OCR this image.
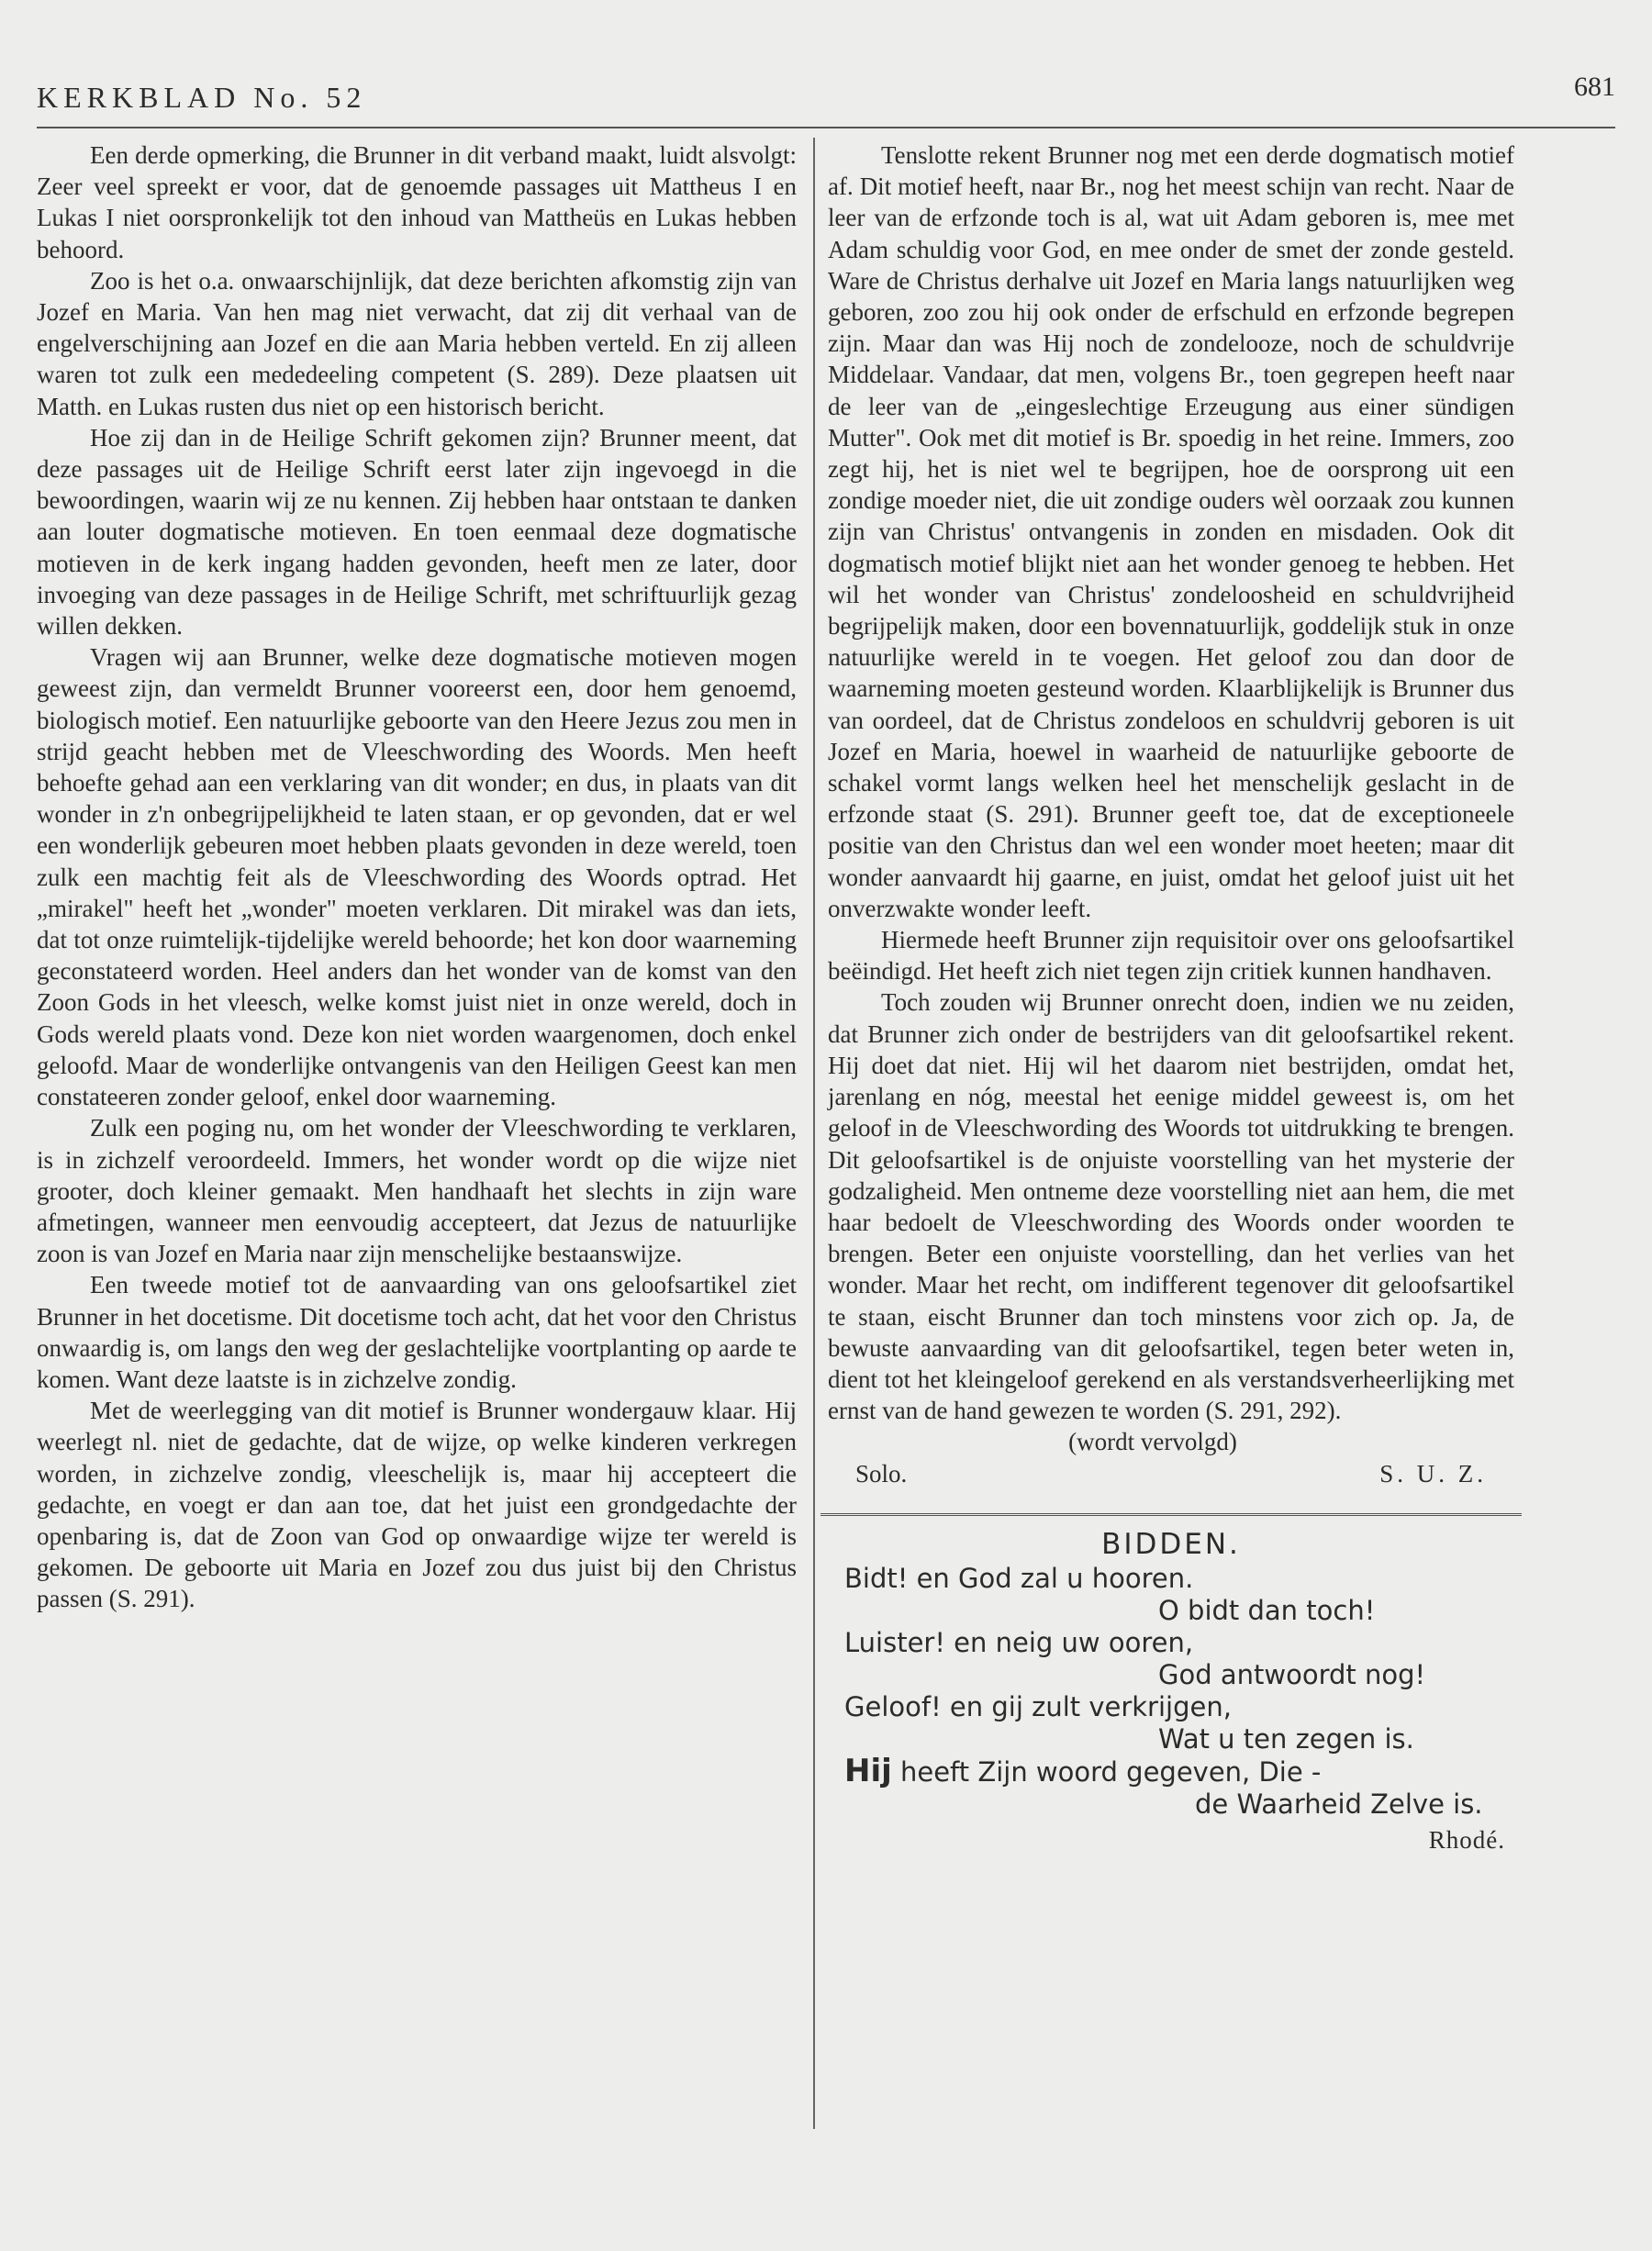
KERKBLAD No. 52	681

Een derde opmerking, die Brunner in dit verband maakt, luidt alsvolgt: Zeer veel spreekt er voor, dat de genoemde passages uit Mattheus I en Lukas I niet oorspronkelijk tot den inhoud van Mattheüs en Lukas hebben behoord.

Zoo is het o.a. onwaarschijnlijk, dat deze berichten afkomstig zijn van Jozef en Maria. Van hen mag niet verwacht, dat zij dit verhaal van de engelverschijning aan Jozef en die aan Maria hebben verteld. En zij alleen waren tot zulk een mededeeling competent (S. 289). Deze plaatsen uit Matth. en Lukas rusten dus niet op een historisch bericht.

Hoe zij dan in de Heilige Schrift gekomen zijn? Brunner meent, dat deze passages uit de Heilige Schrift eerst later zijn ingevoegd in die bewoordingen, waarin wij ze nu kennen. Zij hebben haar ontstaan te danken aan louter dogmatische motieven. En toen eenmaal deze dogmatische motieven in de kerk ingang hadden gevonden, heeft men ze later, door invoeging van deze passages in de Heilige Schrift, met schriftuurlijk gezag willen dekken.

Vragen wij aan Brunner, welke deze dogmatische motieven mogen geweest zijn, dan vermeldt Brunner vooreerst een, door hem genoemd, biologisch motief. Een natuurlijke geboorte van den Heere Jezus zou men in strijd geacht hebben met de Vleeschwording des Woords. Men heeft behoefte gehad aan een verklaring van dit wonder; en dus, in plaats van dit wonder in z'n onbegrijpelijkheid te laten staan, er op gevonden, dat er wel een wonderlijk gebeuren moet hebben plaats gevonden in deze wereld, toen zulk een machtig feit als de Vleeschwording des Woords optrad. Het „mirakel" heeft het „wonder" moeten verklaren. Dit mirakel was dan iets, dat tot onze ruimtelijk-tijdelijke wereld behoorde; het kon door waarneming geconstateerd worden. Heel anders dan het wonder van de komst van den Zoon Gods in het vleesch, welke komst juist niet in onze wereld, doch in Gods wereld plaats vond. Deze kon niet worden waargenomen, doch enkel geloofd. Maar de wonderlijke ontvangenis van den Heiligen Geest kan men constateeren zonder geloof, enkel door waarneming.

Zulk een poging nu, om het wonder der Vleeschwording te verklaren, is in zichzelf veroordeeld. Immers, het wonder wordt op die wijze niet grooter, doch kleiner gemaakt. Men handhaaft het slechts in zijn ware afmetingen, wanneer men eenvoudig accepteert, dat Jezus de natuurlijke zoon is van Jozef en Maria naar zijn menschelijke bestaanswijze.

Een tweede motief tot de aanvaarding van ons geloofsartikel ziet Brunner in het docetisme. Dit docetisme toch acht, dat het voor den Christus onwaardig is, om langs den weg der geslachtelijke voortplanting op aarde te komen. Want deze laatste is in zichzelve zondig.

Met de weerlegging van dit motief is Brunner wondergauw klaar. Hij weerlegt nl. niet de gedachte, dat de wijze, op welke kinderen verkregen worden, in zichzelve zondig, vleeschelijk is, maar hij accepteert die gedachte, en voegt er dan aan toe, dat het juist een grondgedachte der openbaring is, dat de Zoon van God op onwaardige wijze ter wereld is gekomen. De geboorte uit Maria en Jozef zou dus juist bij den Christus passen (S. 291).

Tenslotte rekent Brunner nog met een derde dogmatisch motief af. Dit motief heeft, naar Br., nog het meest schijn van recht. Naar de leer van de erfzonde toch is al, wat uit Adam geboren is, mee met Adam schuldig voor God, en mee onder de smet der zonde gesteld. Ware de Christus derhalve uit Jozef en Maria langs natuurlijken weg geboren, zoo zou hij ook onder de erfschuld en erfzonde begrepen zijn. Maar dan was Hij noch de zondelooze, noch de schuldvrije Middelaar. Vandaar, dat men, volgens Br., toen gegrepen heeft naar de leer van de „eingeslechtige Erzeugung aus einer sündigen Mutter". Ook met dit motief is Br. spoedig in het reine. Immers, zoo zegt hij, het is niet wel te begrijpen, hoe de oorsprong uit een zondige moeder niet, die uit zondige ouders wèl oorzaak zou kunnen zijn van Christus' ontvangenis in zonden en misdaden. Ook dit dogmatisch motief blijkt niet aan het wonder genoeg te hebben. Het wil het wonder van Christus' zondeloosheid en schuldvrijheid begrijpelijk maken, door een bovennatuurlijk, goddelijk stuk in onze natuurlijke wereld in te voegen. Het geloof zou dan door de waarneming moeten gesteund worden. Klaarblijkelijk is Brunner dus van oordeel, dat de Christus zondeloos en schuldvrij geboren is uit Jozef en Maria, hoewel in waarheid de natuurlijke geboorte de schakel vormt langs welken heel het menschelijk geslacht in de erfzonde staat (S. 291). Brunner geeft toe, dat de exceptioneele positie van den Christus dan wel een wonder moet heeten; maar dit wonder aanvaardt hij gaarne, en juist, omdat het geloof juist uit het onverzwakte wonder leeft.

Hiermede heeft Brunner zijn requisitoir over ons geloofsartikel beëindigd. Het heeft zich niet tegen zijn critiek kunnen handhaven.

Toch zouden wij Brunner onrecht doen, indien we nu zeiden, dat Brunner zich onder de bestrijders van dit geloofsartikel rekent. Hij doet dat niet. Hij wil het daarom niet bestrijden, omdat het, jarenlang en nóg, meestal het eenige middel geweest is, om het geloof in de Vleeschwording des Woords tot uitdrukking te brengen. Dit geloofsartikel is de onjuiste voorstelling van het mysterie der godzaligheid. Men ontneme deze voorstelling niet aan hem, die met haar bedoelt de Vleeschwording des Woords onder woorden te brengen. Beter een onjuiste voorstelling, dan het verlies van het wonder. Maar het recht, om indifferent tegenover dit geloofsartikel te staan, eischt Brunner dan toch minstens voor zich op. Ja, de bewuste aanvaarding van dit geloofsartikel, tegen beter weten in, dient tot het kleingeloof gerekend en als verstandsverheerlijking met ernst van de hand gewezen te worden (S. 291, 292).

(wordt vervolgd)
Solo.	S. U. Z.
BIDDEN.
Bidt! en God zal u hooren.
O bidt dan toch!
Luister! en neig uw ooren,
God antwoordt nog!
Geloof! en gij zult verkrijgen,
Wat u ten zegen is.
Hij heeft Zijn woord gegeven, Die -
de Waarheid Zelve is.
Rhodé.
